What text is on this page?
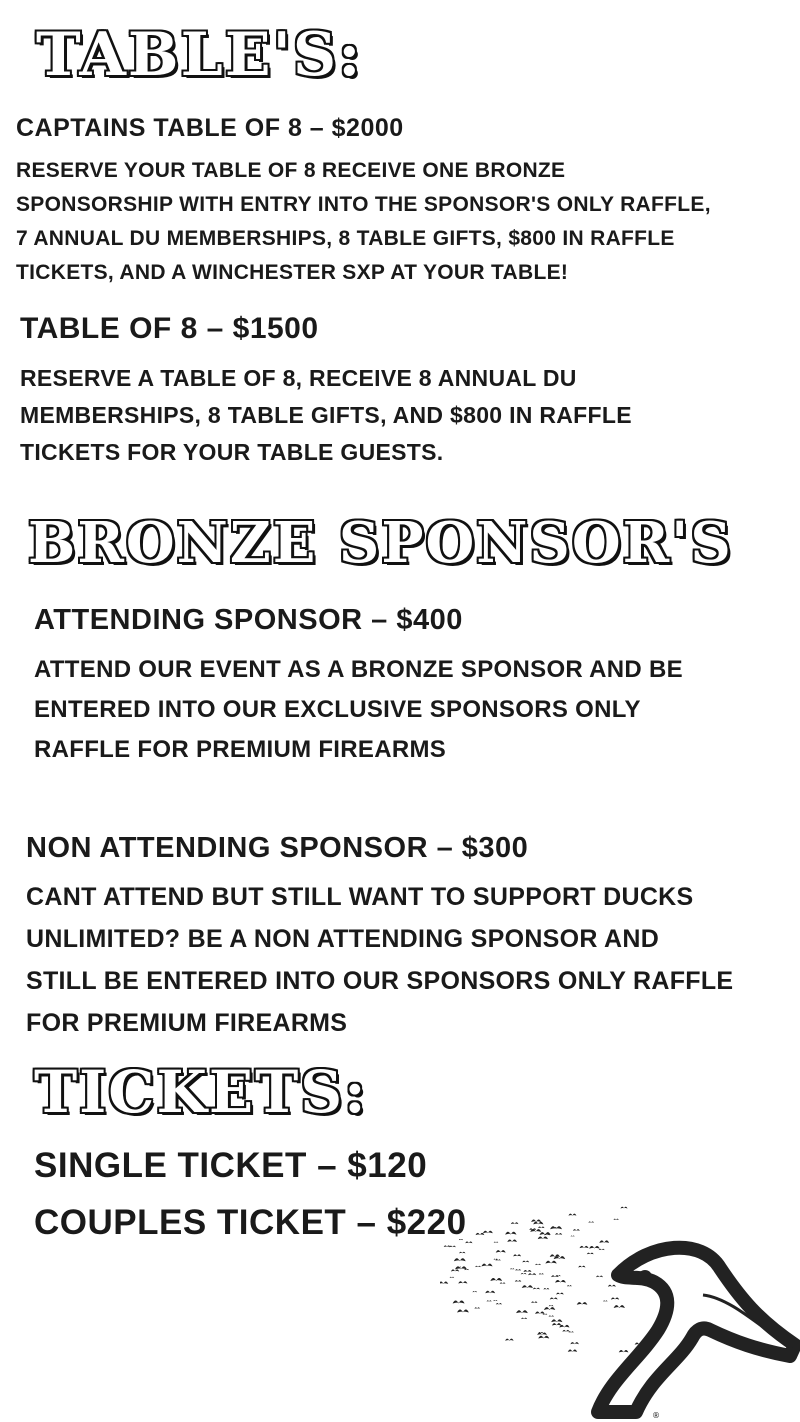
TABLE'S:
CAPTAINS TABLE OF 8 – $2000
RESERVE YOUR TABLE OF 8 RECEIVE ONE BRONZE
SPONSORSHIP WITH ENTRY INTO THE SPONSOR'S ONLY RAFFLE,
7 ANNUAL DU MEMBERSHIPS, 8 TABLE GIFTS, $800 IN RAFFLE
TICKETS, AND A WINCHESTER SXP AT YOUR TABLE!
TABLE OF 8 – $1500
RESERVE A TABLE OF 8, RECEIVE 8 ANNUAL DU
MEMBERSHIPS, 8 TABLE GIFTS, AND $800 IN RAFFLE
TICKETS FOR YOUR TABLE GUESTS.
BRONZE SPONSOR'S
ATTENDING SPONSOR – $400
ATTEND OUR EVENT AS A BRONZE SPONSOR AND BE
ENTERED INTO OUR EXCLUSIVE SPONSORS ONLY
RAFFLE FOR PREMIUM FIREARMS
NON ATTENDING SPONSOR – $300
CANT ATTEND BUT STILL WANT TO SUPPORT DUCKS
UNLIMITED? BE A NON ATTENDING SPONSOR AND
STILL BE ENTERED INTO OUR SPONSORS ONLY RAFFLE
FOR PREMIUM FIREARMS
TICKETS:
SINGLE TICKET – $120
COUPLES TICKET – $220
®
